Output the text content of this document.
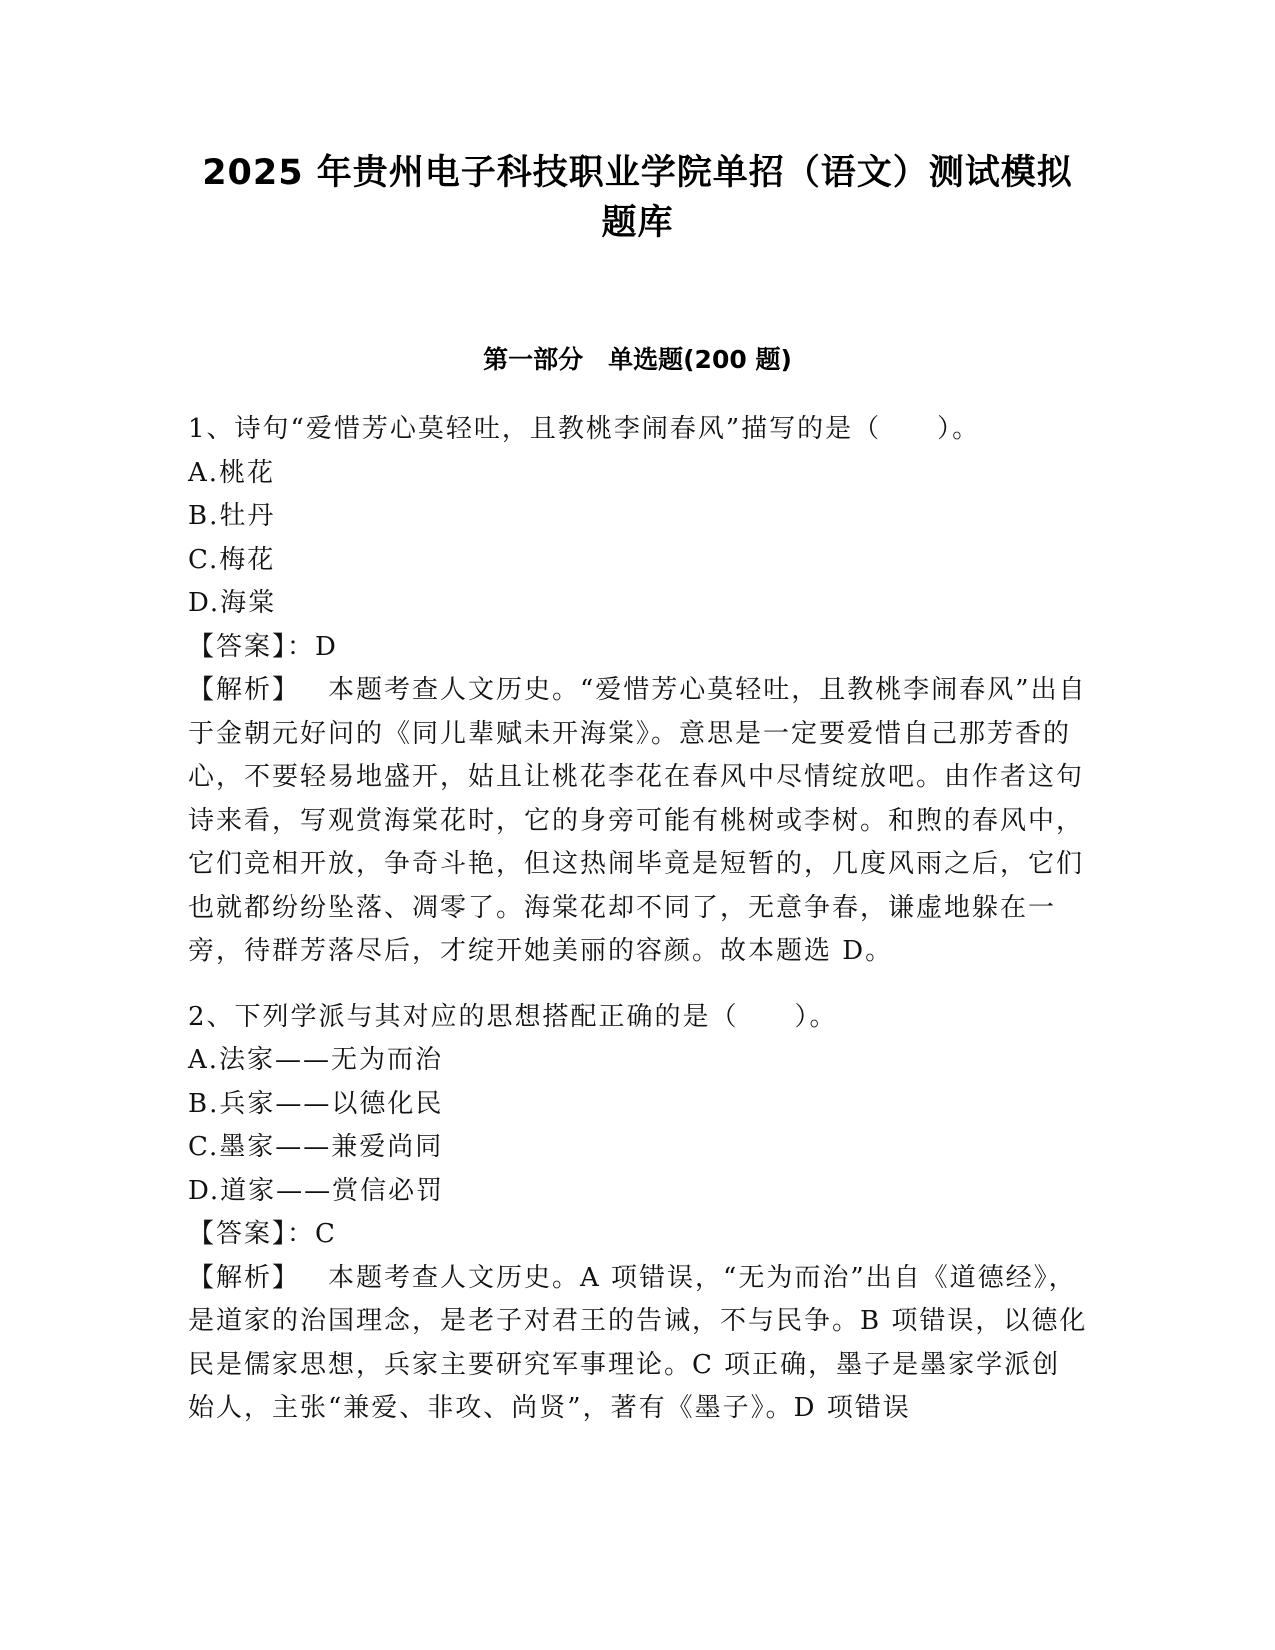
2025 年贵州电子科技职业学院单招（语文）测试模拟
题库
第一部分　单选题(200 题)
1、诗句“爱惜芳心莫轻吐，且教桃李闹春风”描写的是（　　）。
A.桃花
B.牡丹
C.梅花
D.海棠
【答案】：D
【解析】 本题考查人文历史。“爱惜芳心莫轻吐，且教桃李闹春风”出自于金朝元好问的《同儿辈赋未开海棠》。意思是一定要爱惜自己那芳香的心，不要轻易地盛开，姑且让桃花李花在春风中尽情绽放吧。由作者这句诗来看，写观赏海棠花时，它的身旁可能有桃树或李树。和煦的春风中，它们竞相开放，争奇斗艳，但这热闹毕竟是短暂的，几度风雨之后，它们也就都纷纷坠落、凋零了。海棠花却不同了，无意争春，谦虚地躲在一旁，待群芳落尽后，才绽开她美丽的容颜。故本题选 D。
2、下列学派与其对应的思想搭配正确的是（　　）。
A.法家——无为而治
B.兵家——以德化民
C.墨家——兼爱尚同
D.道家——赏信必罚
【答案】：C
【解析】 本题考查人文历史。A 项错误，“无为而治”出自《道德经》，是道家的治国理念，是老子对君王的告诫，不与民争。B 项错误，以德化民是儒家思想，兵家主要研究军事理论。C 项正确，墨子是墨家学派创始人，主张“兼爱、非攻、尚贤”，著有《墨子》。D 项错误
